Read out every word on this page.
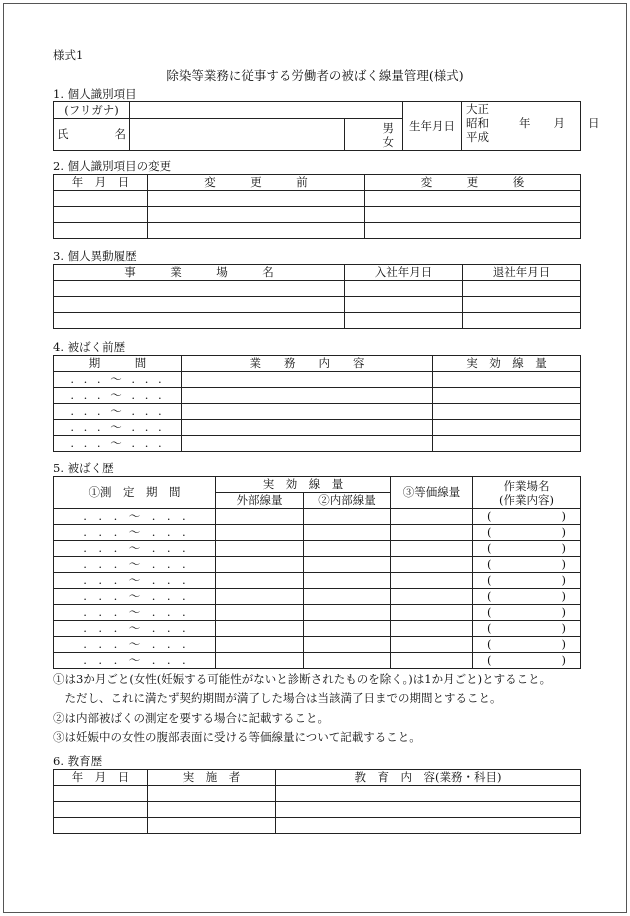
様式1
除染等業務に従事する労働者の被ばく線量管理(様式)
1. 個人識別項目
(フリガナ)			生年月日	大正
昭和 年　　月　　日
平成

氏　　　　名		男
女		
2. 個人識別項目の変更
年　月　日	変　　　更　　　前	変　　　更　　　後

3. 個人異動履歴
事　　　業　　　場　　　名	入社年月日	退社年月日

4. 被ばく前歴
期　　　間	業　　務　　内　　容	実　効　線　量
. . . 〜 . . .		
. . . 〜 . . .		
. . . 〜 . . .		
. . . 〜 . . .		
. . . 〜 . . .		
5. 被ばく歴
①測　定　期　間	実　効　線　量		③等価線量	作業場名
(作業内容)

	外部線量	②内部線量		
.　.　.　〜　.　.　.				( )

.　.　.　〜　.　.　.				( )

.　.　.　〜　.　.　.				( )

.　.　.　〜　.　.　.				( )

.　.　.　〜　.　.　.				( )

.　.　.　〜　.　.　.				( )

.　.　.　〜　.　.　.				( )

.　.　.　〜　.　.　.				( )

.　.　.　〜　.　.　.				( )

.　.　.　〜　.　.　.				( )
①は3か月ごと(女性(妊娠する可能性がないと診断されたものを除く。)は1か月ごと)とすること。
　ただし、これに満たず契約期間が満了した場合は当該満了日までの期間とすること。
②は内部被ばくの測定を要する場合に記載すること。
③は妊娠中の女性の腹部表面に受ける等価線量について記載すること。
6. 教育歴
年　月　日	実　施　者	教　育　内　容(業務・科目)
